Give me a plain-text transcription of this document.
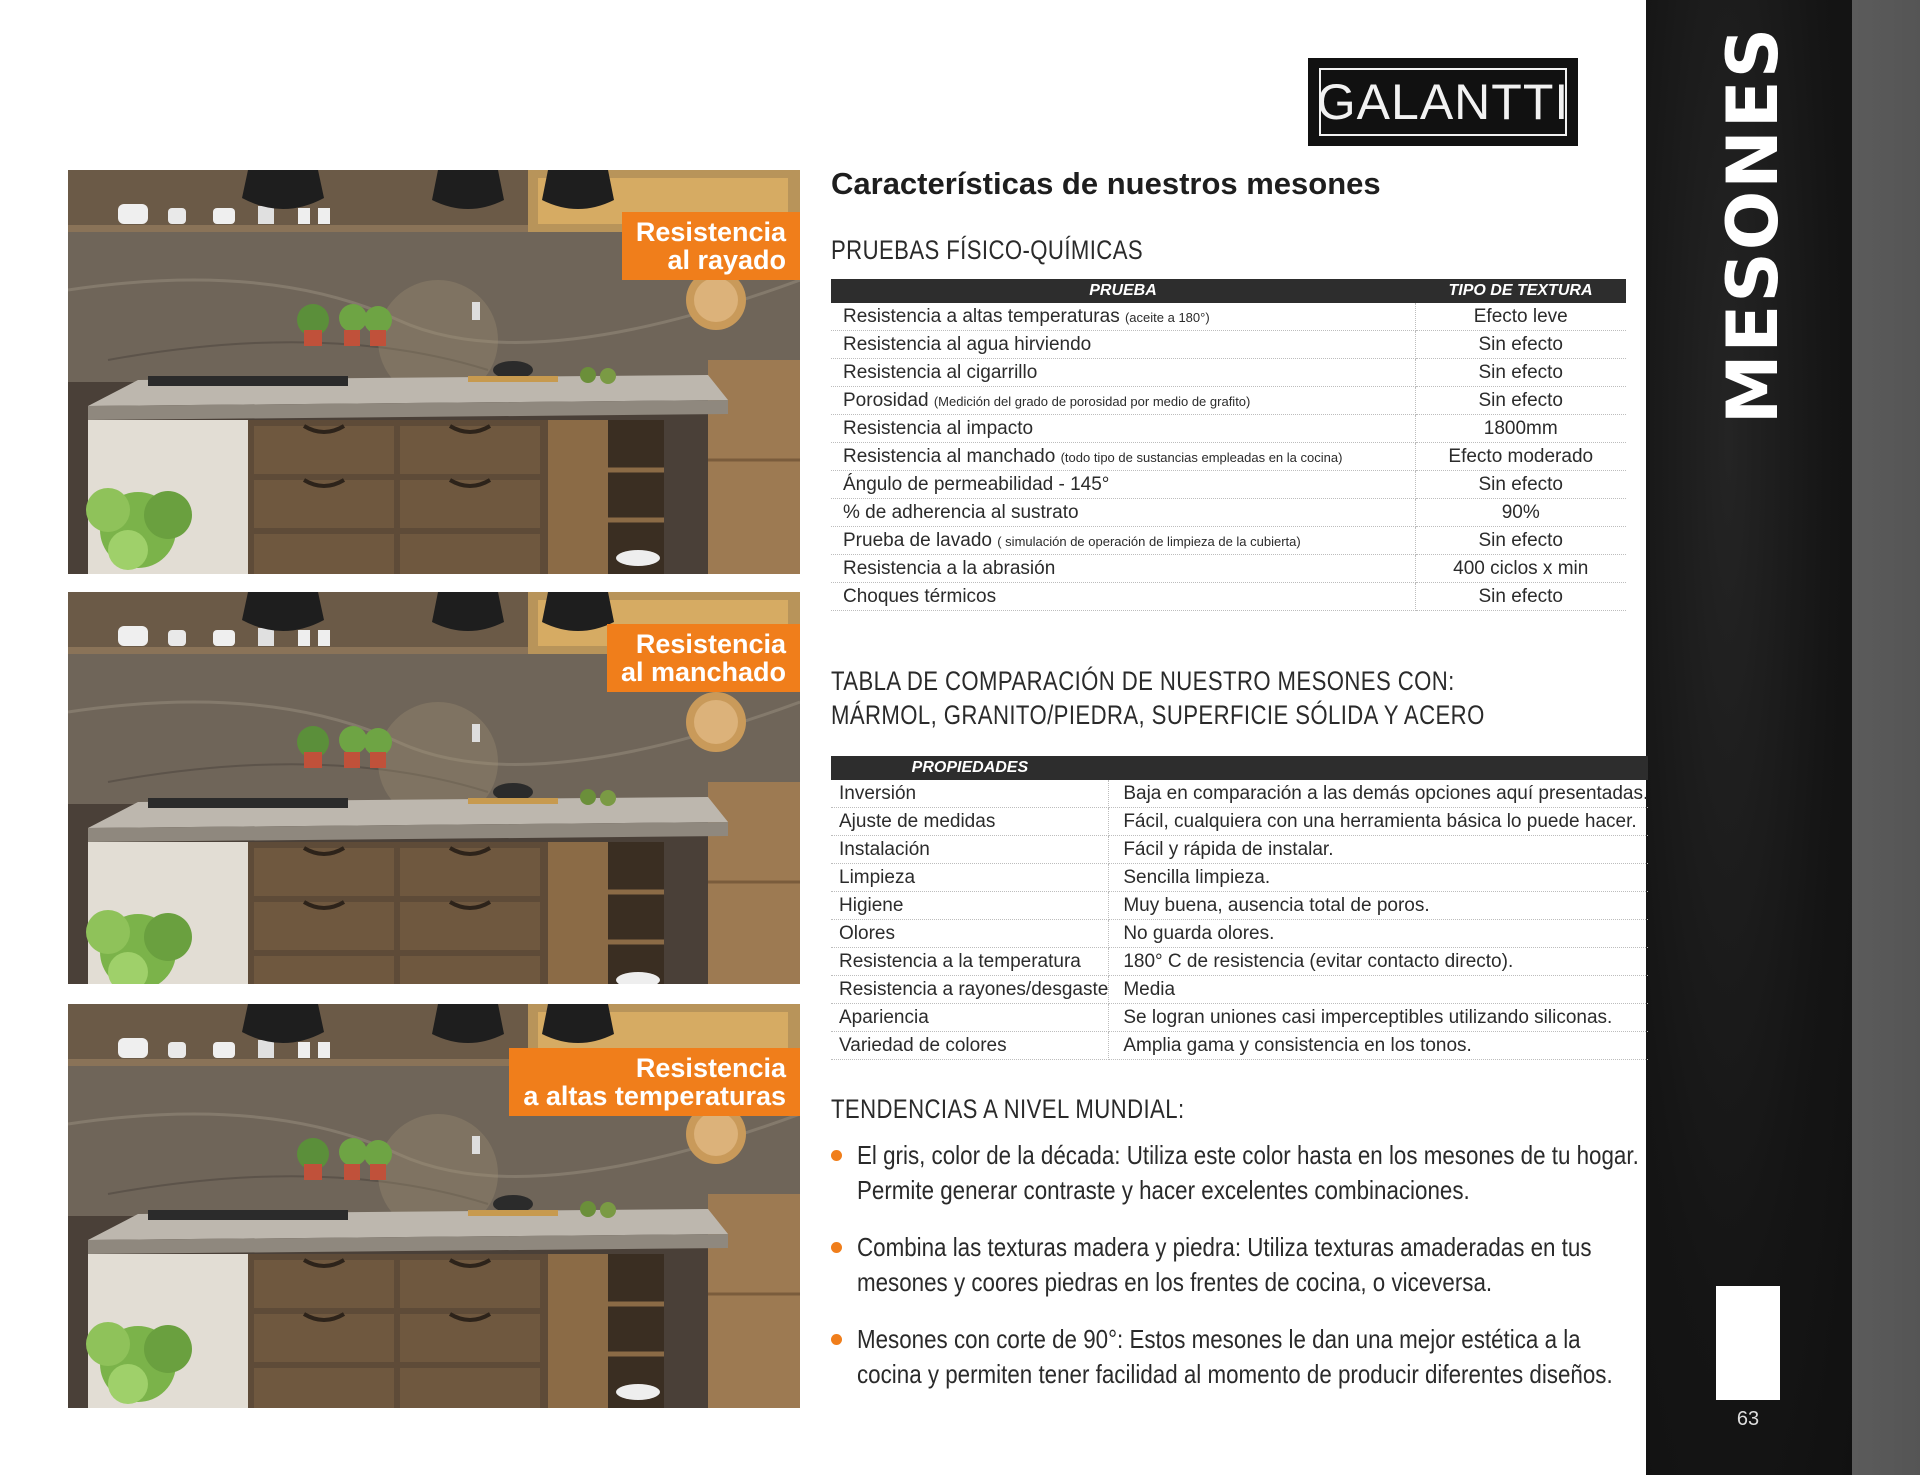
MESONES
63
GALANTTI
Resistencia
al rayado
Resistencia
al manchado
Resistencia
a altas temperaturas
Características de nuestros mesones
PRUEBAS FÍSICO-QUÍMICAS
PRUEBA	TIPO DE TEXTURA
Resistencia a altas temperaturas (aceite a 180°)	Efecto leve
Resistencia al agua hirviendo	Sin efecto
Resistencia al cigarrillo	Sin efecto
Porosidad (Medición del grado de porosidad por medio de grafito)	Sin efecto
Resistencia al impacto	1800mm
Resistencia al manchado (todo tipo de sustancias empleadas en la cocina)	Efecto moderado
Ángulo de permeabilidad - 145°	Sin efecto
% de adherencia al sustrato	90%
Prueba de lavado ( simulación de operación de limpieza de la cubierta)	Sin efecto
Resistencia a la abrasión	400 ciclos x min
Choques térmicos	Sin efecto
TABLA DE COMPARACIÓN DE NUESTRO MESONES CON:
MÁRMOL, GRANITO/PIEDRA, SUPERFICIE SÓLIDA Y ACERO
PROPIEDADES	
Inversión	Baja en comparación a las demás opciones aquí presentadas.
Ajuste de medidas	Fácil, cualquiera con una herramienta básica lo puede hacer.
Instalación	Fácil y rápida de instalar.
Limpieza	Sencilla limpieza.
Higiene	Muy buena, ausencia total de poros.
Olores	No guarda olores.
Resistencia a la temperatura	180° C de resistencia (evitar contacto directo).
Resistencia a rayones/desgaste	Media
Apariencia	Se logran uniones casi imperceptibles utilizando siliconas.
Variedad de colores	Amplia gama y consistencia en los tonos.
TENDENCIAS A NIVEL MUNDIAL:
El gris, color de la década: Utiliza este color hasta en los mesones de tu hogar. Permite generar contraste y hacer excelentes combinaciones.
Combina las texturas madera y piedra: Utiliza texturas amaderadas en tus mesones y coores piedras en los frentes de cocina, o viceversa.
Mesones con corte de 90°: Estos mesones le dan una mejor estética a la cocina y permiten tener facilidad al momento de producir diferentes diseños.
